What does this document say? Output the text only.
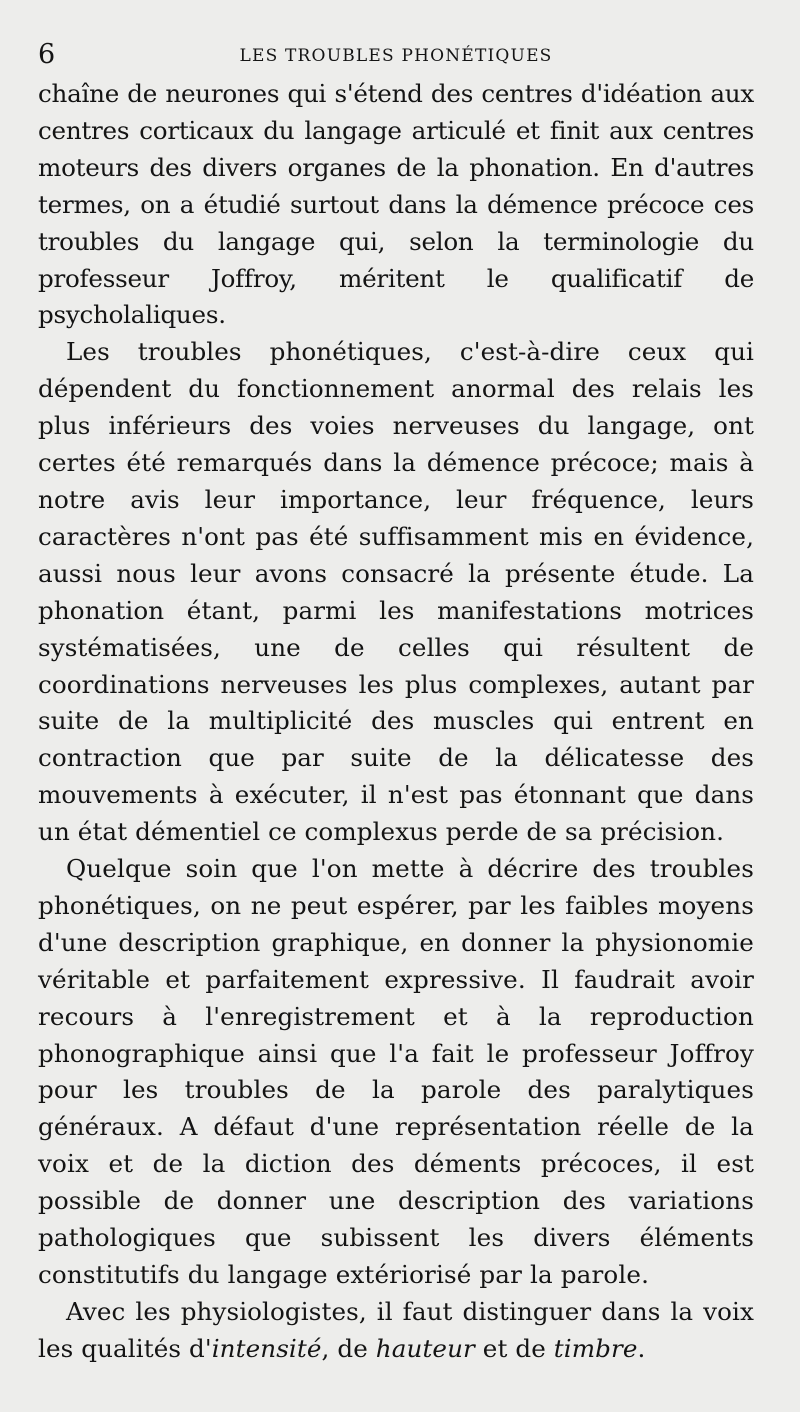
6	LES TROUBLES PHONÉTIQUES

chaîne de neurones qui s'étend des centres d'idéation aux centres corticaux du langage articulé et finit aux centres moteurs des divers organes de la phonation. En d'autres termes, on a étudié surtout dans la démence précoce ces troubles du langage qui, selon la terminologie du professeur Joffroy, méritent le qualificatif de psycholaliques.

Les troubles phonétiques, c'est-à-dire ceux qui dépendent du fonctionnement anormal des relais les plus inférieurs des voies nerveuses du langage, ont certes été remarqués dans la démence précoce; mais à notre avis leur importance, leur fréquence, leurs caractères n'ont pas été suffisamment mis en évidence, aussi nous leur avons consacré la présente étude. La phonation étant, parmi les manifestations motrices systématisées, une de celles qui résultent de coordinations nerveuses les plus complexes, autant par suite de la multiplicité des muscles qui entrent en contraction que par suite de la délicatesse des mouvements à exécuter, il n'est pas étonnant que dans un état démentiel ce complexus perde de sa précision.

Quelque soin que l'on mette à décrire des troubles phonétiques, on ne peut espérer, par les faibles moyens d'une description graphique, en donner la physionomie véritable et parfaitement expressive. Il faudrait avoir recours à l'enregistrement et à la reproduction phonographique ainsi que l'a fait le professeur Joffroy pour les troubles de la parole des paralytiques généraux. A défaut d'une représentation réelle de la voix et de la diction des déments précoces, il est possible de donner une description des variations pathologiques que subissent les divers éléments constitutifs du langage extériorisé par la parole.

Avec les physiologistes, il faut distinguer dans la voix les qualités d'intensité, de hauteur et de timbre.
